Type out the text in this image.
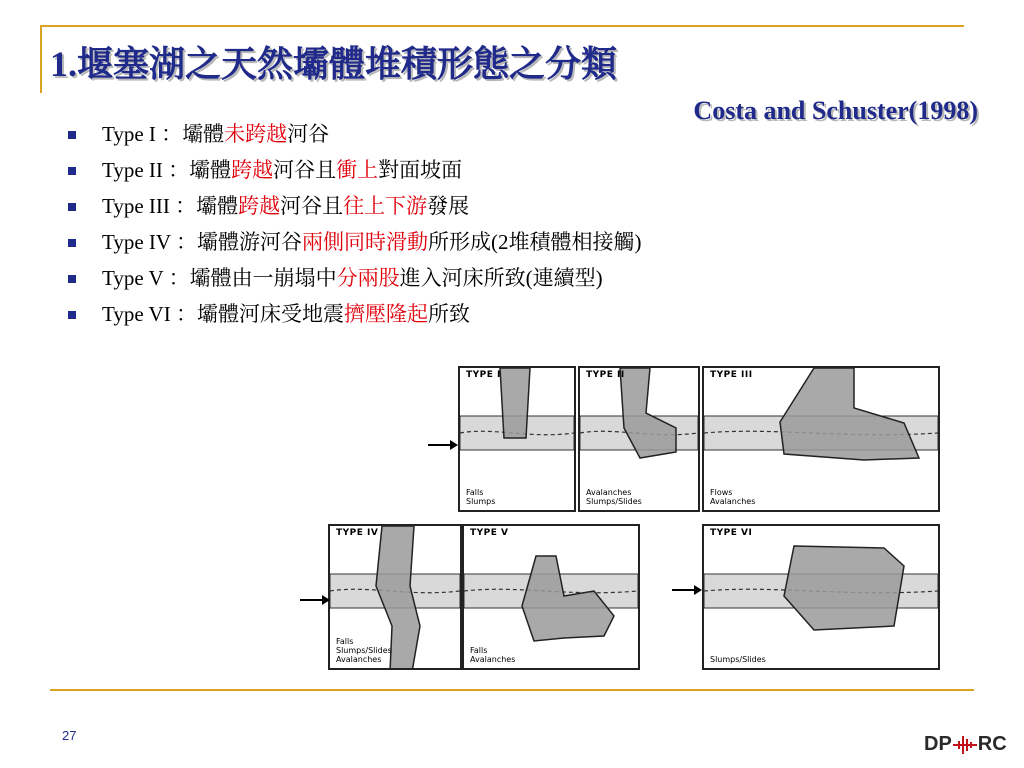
1.堰塞湖之天然壩體堆積形態之分類
Costa and Schuster(1998)
Type I ：壩體未跨越河谷
Type II ：壩體跨越河谷且衝上對面坡面
Type III ：壩體跨越河谷且往上下游發展
Type IV ：壩體游河谷兩側同時滑動所形成(2堆積體相接觸)
Type V ：壩體由一崩塌中分兩股進入河床所致(連續型)
Type VI ：壩體河床受地震擠壓隆起所致
TYPE I
Falls
Slumps
TYPE II
Avalanches
Slumps/Slides
TYPE III
Flows
Avalanches
TYPE IV
Falls
Slumps/Slides
Avalanches
TYPE V
Falls
Avalanches
TYPE VI
Slumps/Slides
27	DP RC
